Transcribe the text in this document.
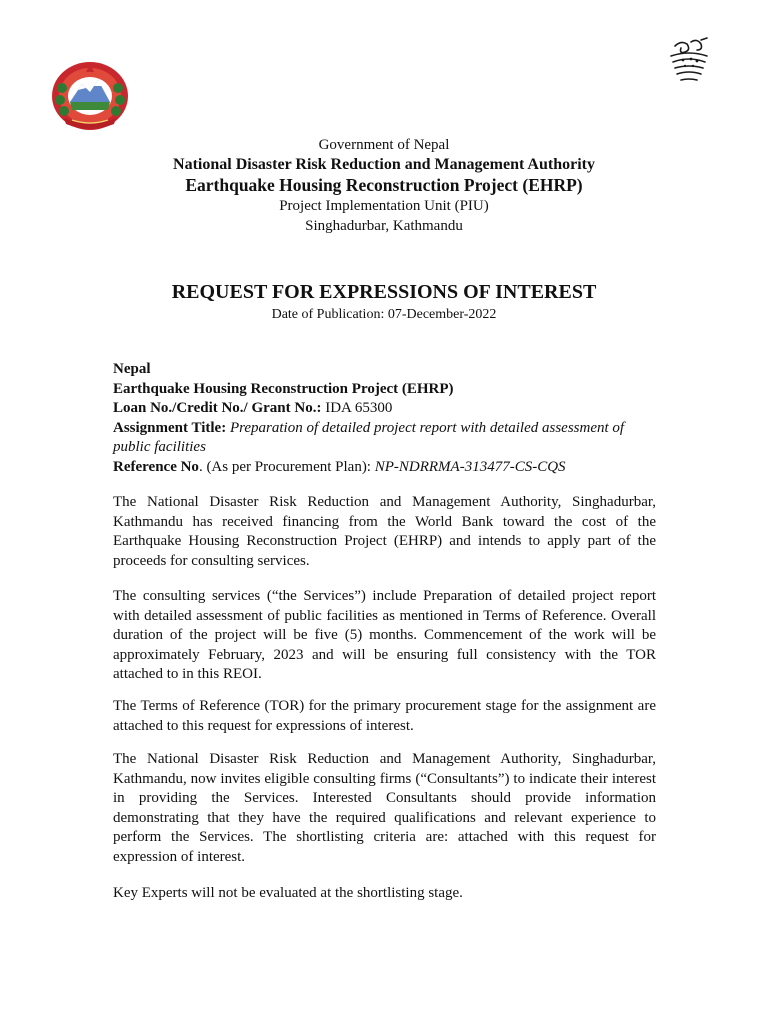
Government of Nepal
National Disaster Risk Reduction and Management Authority
Earthquake Housing Reconstruction Project (EHRP)
Project Implementation Unit (PIU)
Singhadurbar, Kathmandu
REQUEST FOR EXPRESSIONS OF INTEREST
Date of Publication: 07-December-2022
Nepal
Earthquake Housing Reconstruction Project (EHRP)
Loan No./Credit No./ Grant No.: IDA 65300
Assignment Title: Preparation of detailed project report with detailed assessment of public facilities
Reference No. (As per Procurement Plan): NP-NDRRMA-313477-CS-CQS

The National Disaster Risk Reduction and Management Authority, Singhadurbar, Kathmandu has received financing from the World Bank toward the cost of the Earthquake Housing Reconstruction Project (EHRP) and intends to apply part of the proceeds for consulting services.

The consulting services (“the Services”) include Preparation of detailed project report with detailed assessment of public facilities as mentioned in Terms of Reference. Overall duration of the project will be five (5) months. Commencement of the work will be approximately February, 2023 and will be ensuring full consistency with the TOR attached to in this REOI.

The Terms of Reference (TOR) for the primary procurement stage for the assignment are attached to this request for expressions of interest.

The National Disaster Risk Reduction and Management Authority, Singhadurbar, Kathmandu, now invites eligible consulting firms (“Consultants”) to indicate their interest in providing the Services. Interested Consultants should provide information demonstrating that they have the required qualifications and relevant experience to perform the Services. The shortlisting criteria are: attached with this request for expression of interest.

Key Experts will not be evaluated at the shortlisting stage.
